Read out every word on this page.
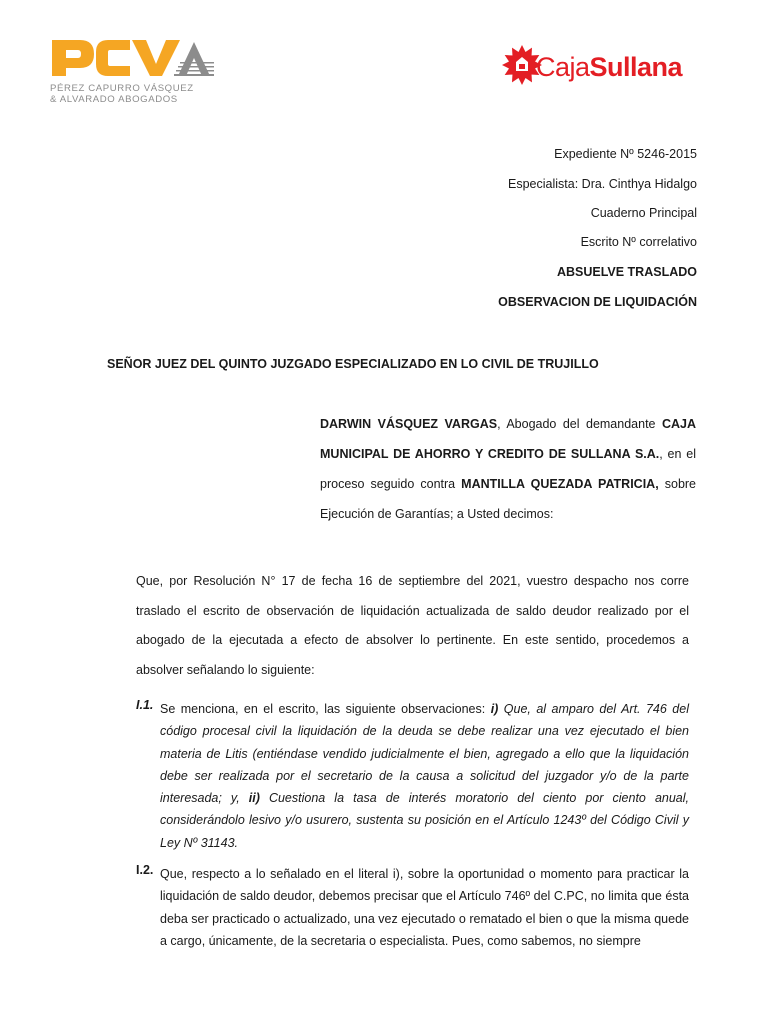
PÉREZ CAPURRO VÁSQUEZ
& ALVARADO ABOGADOS
CajaSullana
Expediente Nº 5246-2015
Especialista: Dra. Cinthya Hidalgo
Cuaderno Principal
Escrito Nº correlativo
ABSUELVE TRASLADO
OBSERVACION DE LIQUIDACIÓN
SEÑOR JUEZ DEL QUINTO JUZGADO ESPECIALIZADO EN LO CIVIL DE TRUJILLO

DARWIN VÁSQUEZ VARGAS, Abogado del demandante CAJA MUNICIPAL DE AHORRO Y CREDITO DE SULLANA S.A., en el proceso seguido contra MANTILLA QUEZADA PATRICIA, sobre Ejecución de Garantías; a Usted decimos:

Que, por Resolución N° 17 de fecha 16 de septiembre del 2021, vuestro despacho nos corre traslado el escrito de observación de liquidación actualizada de saldo deudor realizado por el abogado de la ejecutada a efecto de absolver lo pertinente. En este sentido, procedemos a absolver señalando lo siguiente:

I.1. Se menciona, en el escrito, las siguiente observaciones: i) Que, al amparo del Art. 746 del código procesal civil la liquidación de la deuda se debe realizar una vez ejecutado el bien materia de Litis (entiéndase vendido judicialmente el bien, agregado a ello que la liquidación debe ser realizada por el secretario de la causa a solicitud del juzgador y/o de la parte interesada; y, ii) Cuestiona la tasa de interés moratorio del ciento por ciento anual, considerándolo lesivo y/o usurero, sustenta su posición en el Artículo 1243º del Código Civil y Ley Nº 31143.

I.2. Que, respecto a lo señalado en el literal i), sobre la oportunidad o momento para practicar la liquidación de saldo deudor, debemos precisar que el Artículo 746º del C.PC, no limita que ésta deba ser practicado o actualizado, una vez ejecutado o rematado el bien o que la misma quede a cargo, únicamente, de la secretaria o especialista. Pues, como sabemos, no siempre
